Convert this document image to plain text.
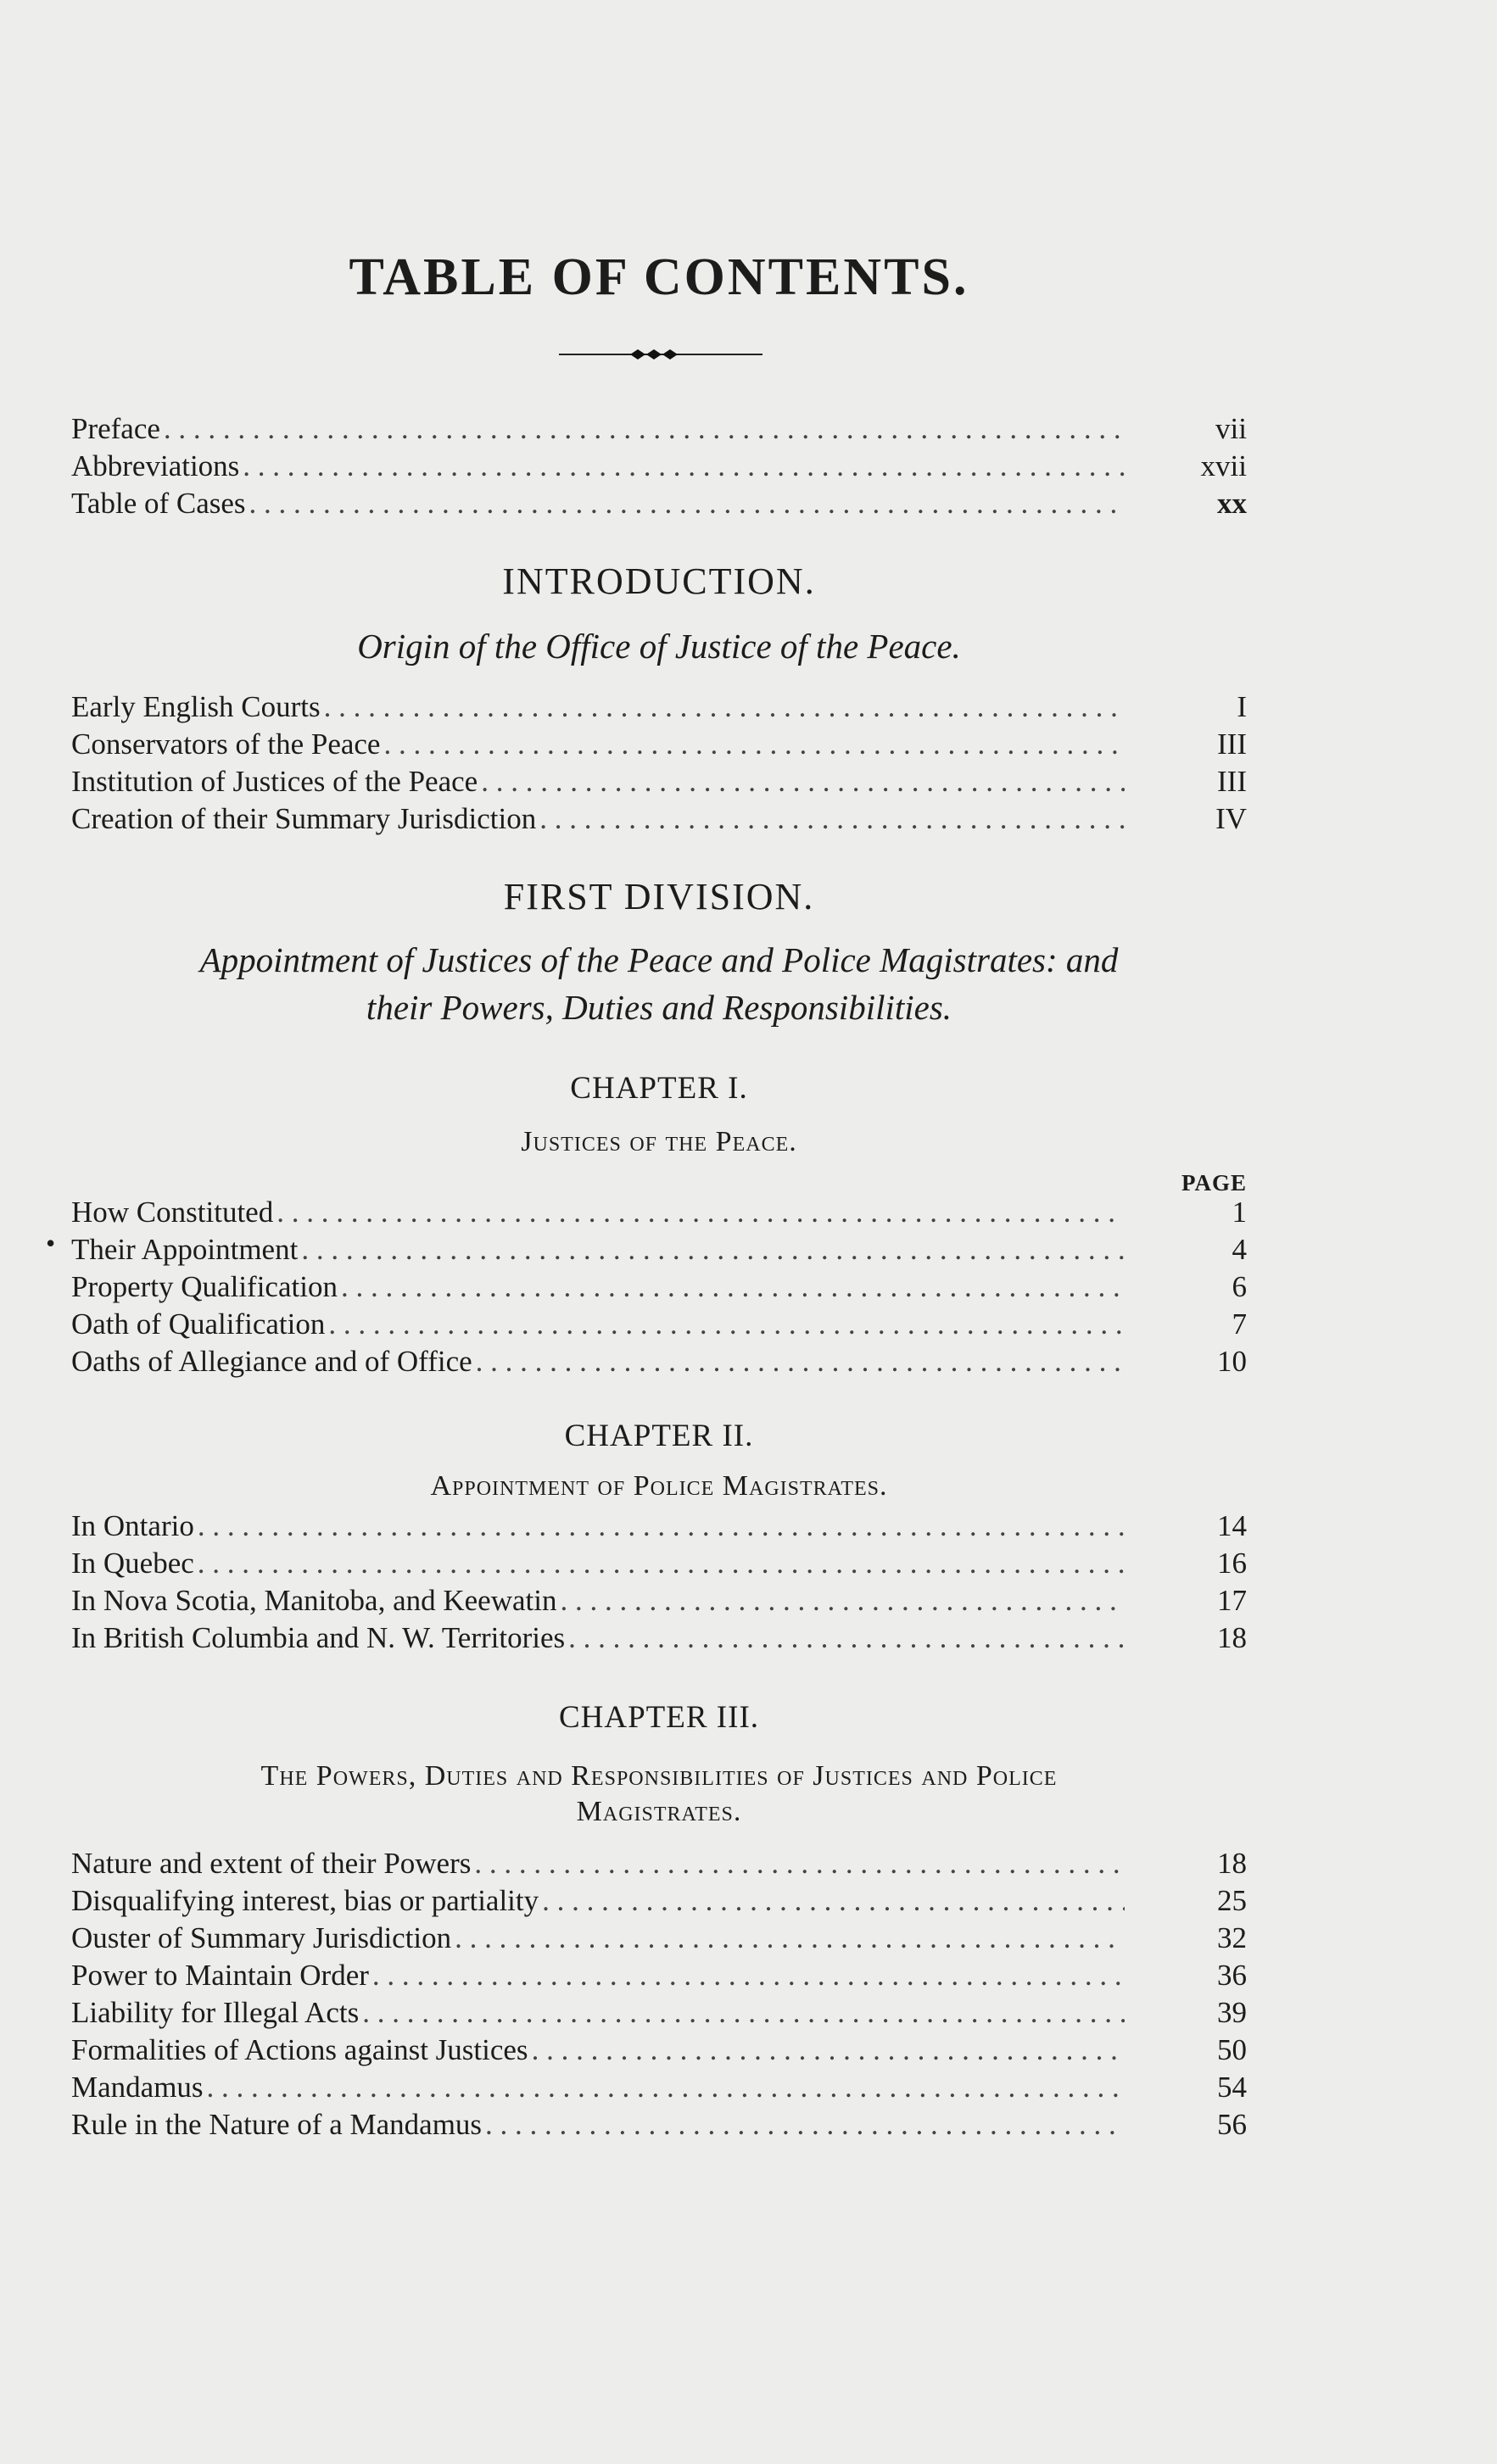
TABLE OF CONTENTS.
Preface . . .	vii
Abbreviations . . .	xvii
Table of Cases . . .	xx
INTRODUCTION.
Origin of the Office of Justice of the Peace.
Early English Courts . . .	I
Conservators of the Peace . . .	III
Institution of Justices of the Peace . . .	III
Creation of their Summary Jurisdiction . . .	IV
FIRST DIVISION.
Appointment of Justices of the Peace and Police Magistrates: and
their Powers, Duties and Responsibilities.
CHAPTER I.
Justices of the Peace.
PAGE
•
How Constituted . . .	1
Their Appointment . . .	4
Property Qualification . . .	6
Oath of Qualification . . .	7
Oaths of Allegiance and of Office . . .	10
CHAPTER II.
Appointment of Police Magistrates.
In Ontario . . .	14
In Quebec . . .	16
In Nova Scotia, Manitoba, and Keewatin . . .	17
In British Columbia and N. W. Territories . . .	18
CHAPTER III.
The Powers, Duties and Responsibilities of Justices and Police
Magistrates.
Nature and extent of their Powers . . .	18
Disqualifying interest, bias or partiality . . .	25
Ouster of Summary Jurisdiction . . .	32
Power to Maintain Order . . .	36
Liability for Illegal Acts . . .	39
Formalities of Actions against Justices . . .	50
Mandamus . . .	54
Rule in the Nature of a Mandamus . . .	56
